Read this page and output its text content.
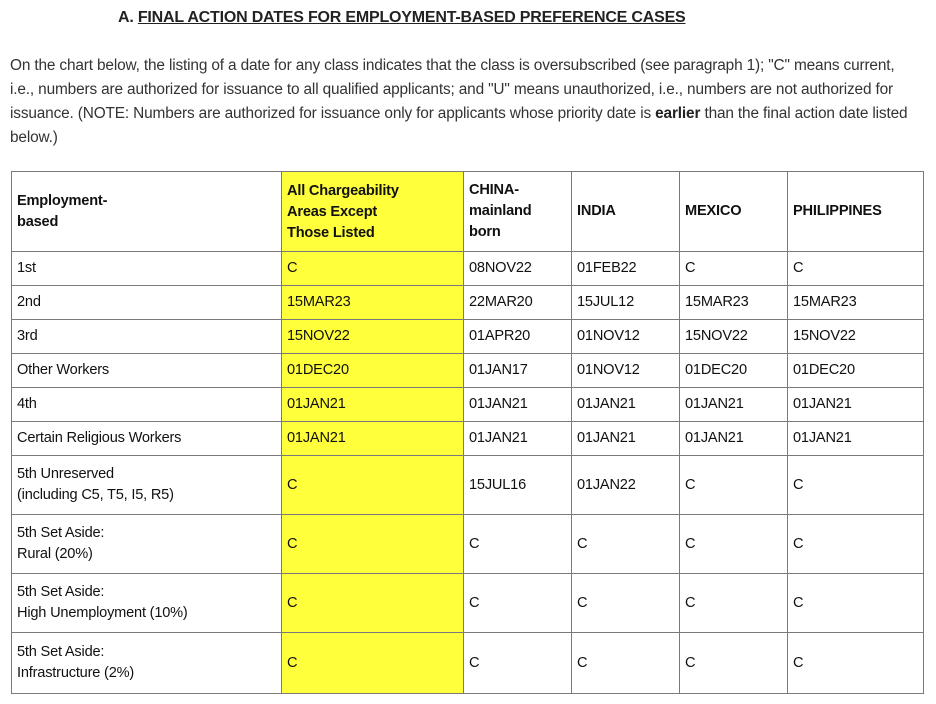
A. FINAL ACTION DATES FOR EMPLOYMENT-BASED PREFERENCE CASES
On the chart below, the listing of a date for any class indicates that the class is oversubscribed (see paragraph 1); "C" means current, i.e., numbers are authorized for issuance to all qualified applicants; and "U" means unauthorized, i.e., numbers are not authorized for issuance. (NOTE: Numbers are authorized for issuance only for applicants whose priority date is earlier than the final action date listed below.)
Employment-
based	All Chargeability
Areas Except
Those Listed	CHINA-
mainland
born	INDIA	MEXICO	PHILIPPINES
1st	C	08NOV22	01FEB22	C	C
2nd	15MAR23	22MAR20	15JUL12	15MAR23	15MAR23
3rd	15NOV22	01APR20	01NOV12	15NOV22	15NOV22
Other Workers	01DEC20	01JAN17	01NOV12	01DEC20	01DEC20
4th	01JAN21	01JAN21	01JAN21	01JAN21	01JAN21
Certain Religious Workers	01JAN21	01JAN21	01JAN21	01JAN21	01JAN21
5th Unreserved
(including C5, T5, I5, R5)	C	15JUL16	01JAN22	C	C
5th Set Aside:
Rural (20%)	C	C	C	C	C
5th Set Aside:
High Unemployment (10%)	C	C	C	C	C
5th Set Aside:
Infrastructure (2%)	C	C	C	C	C
